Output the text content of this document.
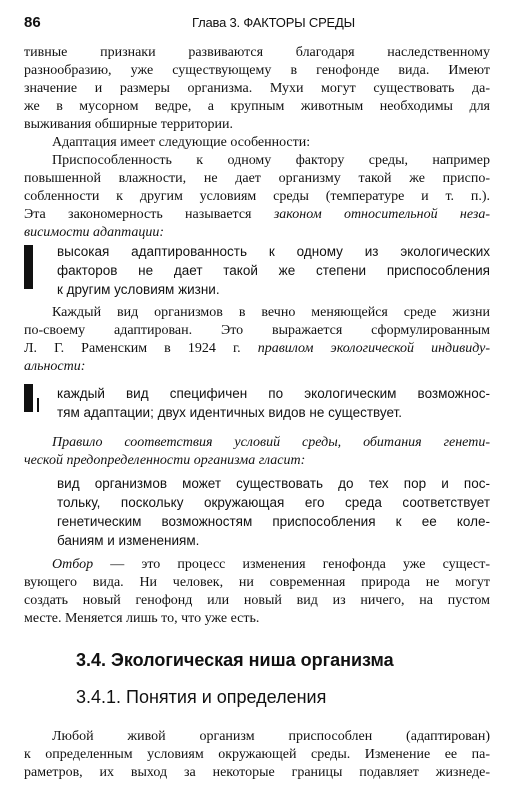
86	Глава 3. ФАКТОРЫ СРЕДЫ
тивные признаки развиваются благодаря наследственному
разнообразию, уже существующему в генофонде вида. Имеют
значение и размеры организма. Мухи могут существовать да-
же в мусорном ведре, а крупным животным необходимы для
выживания обширные территории.
Адаптация имеет следующие особенности:
Приспособленность к одному фактору среды, например
повышенной влажности, не дает организму такой же приспо-
собленности к другим условиям среды (температуре и т. п.).
Эта закономерность называется законом относительной неза-
висимости адаптации:
высокая адаптированность к одному из экологических
факторов не дает такой же степени приспособления
к другим условиям жизни.
Каждый вид организмов в вечно меняющейся среде жизни
по-своему адаптирован. Это выражается сформулированным
Л. Г. Раменским в 1924 г. правилом экологической индивиду-
альности:
каждый вид специфичен по экологическим возможнос-
тям адаптации; двух идентичных видов не существует.
Правило соответствия условий среды, обитания генети-
ческой предопределенности организма гласит:
вид организмов может существовать до тех пор и пос-
тольку, поскольку окружающая его среда соответствует
генетическим возможностям приспособления к ее коле-
баниям и изменениям.
Отбор — это процесс изменения генофонда уже сущест-
вующего вида. Ни человек, ни современная природа не могут
создать новый генофонд или новый вид из ничего, на пустом
месте. Меняется лишь то, что уже есть.
3.4. Экологическая ниша организма
3.4.1. Понятия и определения
Любой живой организм приспособлен (адаптирован)
к определенным условиям окружающей среды. Изменение ее па-
раметров, их выход за некоторые границы подавляет жизнеде-
